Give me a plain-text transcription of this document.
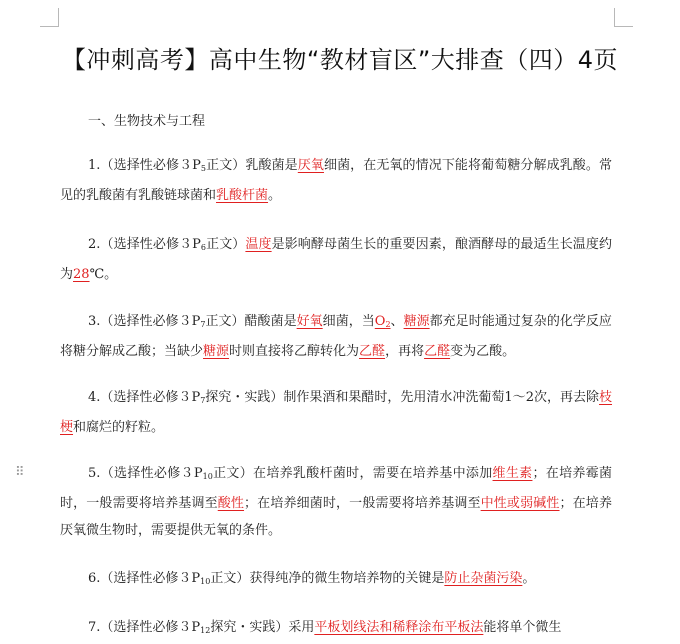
⠿
【冲刺高考】高中生物“教材盲区”大排查（四）4页
一、生物技术与工程
1.（选择性必修$3P_5$正文）乳酸菌是厌氧细菌，在无氧的情况下能将葡萄糖分解成乳酸。常见的乳酸菌有乳酸链球菌和乳酸杆菌。
2.（选择性必修$3P_6$正文）温度是影响酵母菌生长的重要因素，酿酒酵母的最适生长温度约为28℃。
3.（选择性必修$3P_7$正文）醋酸菌是好氧细菌，当$O_2$、糖源都充足时能通过复杂的化学反应将糖分解成乙酸；当缺少糖源时则直接将乙醇转化为乙醛，再将乙醛变为乙酸。
4.（选择性必修$3P_7$探究・实践）制作果酒和果醋时，先用清水冲洗葡萄1～2次，再去除枝梗和腐烂的籽粒。
5.（选择性必修$3P_{10}$正文）在培养乳酸杆菌时，需要在培养基中添加维生素；在培养霉菌时，一般需要将培养基调至酸性；在培养细菌时，一般需要将培养基调至中性或弱碱性；在培养厌氧微生物时，需要提供无氧的条件。
6.（选择性必修$3P_{10}$正文）获得纯净的微生物培养物的关键是防止杂菌污染。
7.（选择性必修$3P_{12}$探究・实践）采用平板划线法和稀释涂布平板法能将单个微生
